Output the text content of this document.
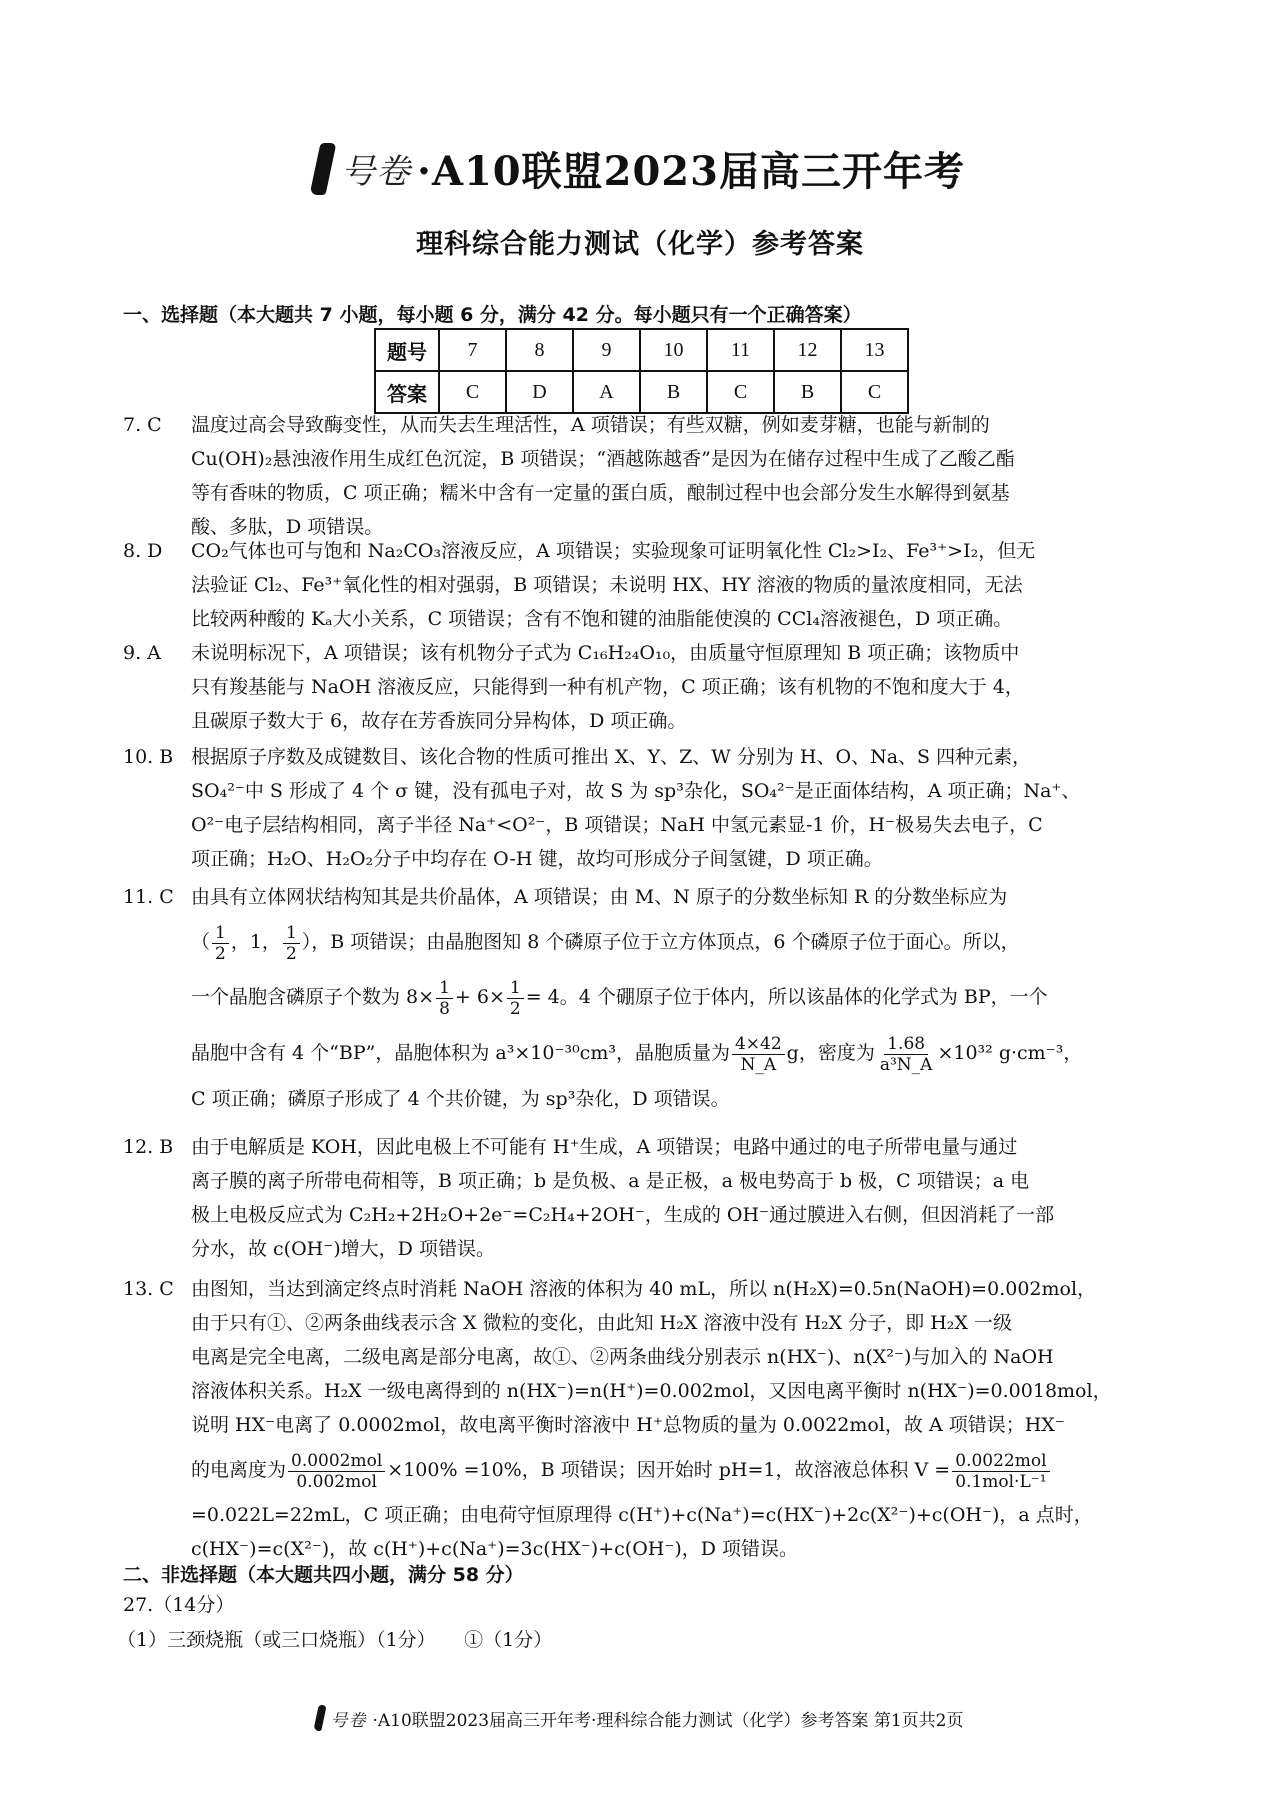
号卷 ·A10联盟2023届高三开年考
理科综合能力测试（化学）参考答案
一、选择题（本大题共 7 小题，每小题 6 分，满分 42 分。每小题只有一个正确答案）
题号	7	8	9	10	11	12	13
答案	C	D	A	B	C	B	C
7. C	温度过高会导致酶变性，从而失去生理活性，A 项错误；有些双糖，例如麦芽糖，也能与新制的

Cu(OH)₂悬浊液作用生成红色沉淀，B 项错误；“酒越陈越香”是因为在储存过程中生成了乙酸乙酯

等有香味的物质，C 项正确；糯米中含有一定量的蛋白质，酿制过程中也会部分发生水解得到氨基

酸、多肽，D 项错误。

8. D	CO₂气体也可与饱和 Na₂CO₃溶液反应，A 项错误；实验现象可证明氧化性 Cl₂>I₂、Fe³⁺>I₂，但无

法验证 Cl₂、Fe³⁺氧化性的相对强弱，B 项错误；未说明 HX、HY 溶液的物质的量浓度相同，无法

比较两种酸的 Kₐ大小关系，C 项错误；含有不饱和键的油脂能使溴的 CCl₄溶液褪色，D 项正确。

9. A	未说明标况下，A 项错误；该有机物分子式为 C₁₆H₂₄O₁₀，由质量守恒原理知 B 项正确；该物质中

只有羧基能与 NaOH 溶液反应，只能得到一种有机产物，C 项正确；该有机物的不饱和度大于 4，

且碳原子数大于 6，故存在芳香族同分异构体，D 项正确。

10. B 根据原子序数及成键数目、该化合物的性质可推出 X、Y、Z、W 分别为 H、O、Na、S 四种元素，

SO₄²⁻中 S 形成了 4 个 σ 键，没有孤电子对，故 S 为 sp³杂化，SO₄²⁻是正面体结构，A 项正确；Na⁺、

O²⁻电子层结构相同，离子半径 Na⁺<O²⁻，B 项错误；NaH 中氢元素显-1 价，H⁻极易失去电子，C

项正确；H₂O、H₂O₂分子中均存在 O-H 键，故均可形成分子间氢键，D 项正确。

11. C 由具有立体网状结构知其是共价晶体，A 项错误；由 M、N 原子的分数坐标知 R 的分数坐标应为

（ $\frac{1}{2}$ ，1， $\frac{1}{2}$ ），B 项错误；由晶胞图知 8 个磷原子位于立方体顶点，6 个磷原子位于面心。所以，

一个晶胞含磷原子个数为 $8\times \frac{1}{8} + 6\times \frac{1}{2} = 4$。4 个硼原子位于体内，所以该晶体的化学式为 BP，一个

晶胞中含有 4 个“BP”，晶胞体积为 a³×10⁻³⁰cm³，晶胞质量为 $\frac{4\times 42}{N\_A}$ g，密度为 $\frac{1.68}{\text{a³N\_A}} \times 10^{32}$ g·cm⁻³，

C 项正确；磷原子形成了 4 个共价键，为 sp³杂化，D 项错误。

12. B 由于电解质是 KOH，因此电极上不可能有 H⁺生成，A 项错误；电路中通过的电子所带电量与通过

离子膜的离子所带电荷相等，B 项正确；b 是负极、a 是正极，a 极电势高于 b 极，C 项错误；a 电

极上电极反应式为 C₂H₂+2H₂O+2e⁻=C₂H₄+2OH⁻，生成的 OH⁻通过膜进入右侧，但因消耗了一部

分水，故 c(OH⁻)增大，D 项错误。

13. C 由图知，当达到滴定终点时消耗 NaOH 溶液的体积为 40 mL，所以 n(H₂X)=0.5n(NaOH)=0.002mol，

由于只有①、②两条曲线表示含 X 微粒的变化，由此知 H₂X 溶液中没有 H₂X 分子，即 H₂X 一级

电离是完全电离，二级电离是部分电离，故①、②两条曲线分别表示 n(HX⁻)、n(X²⁻)与加入的 NaOH

溶液体积关系。H₂X 一级电离得到的 n(HX⁻)=n(H⁺)=0.002mol，又因电离平衡时 n(HX⁻)=0.0018mol，

说明 HX⁻电离了 0.0002mol，故电离平衡时溶液中 H⁺总物质的量为 0.0022mol，故 A 项错误；HX⁻

的电离度为 $\frac{\text{0.0002mol}}{\text{0.002mol}} \times 100\% =10\%$，B 项错误；因开始时 pH=1，故溶液总体积 $V = \frac{\text{0.0022mol}}{\text{0.1mol·L⁻¹}}$

=0.022L=22mL，C 项正确；由电荷守恒原理得 c(H⁺)+c(Na⁺)=c(HX⁻)+2c(X²⁻)+c(OH⁻)，a 点时，

c(HX⁻)=c(X²⁻)，故 c(H⁺)+c(Na⁺)=3c(HX⁻)+c(OH⁻)，D 项错误。

二、非选择题（本大题共四小题，满分 58 分）
27.（14分）
（1）三颈烧瓶（或三口烧瓶）（1分）　　①（1分）
号卷 ·A10联盟2023届高三开年考·理科综合能力测试（化学）参考答案 第1页共2页
